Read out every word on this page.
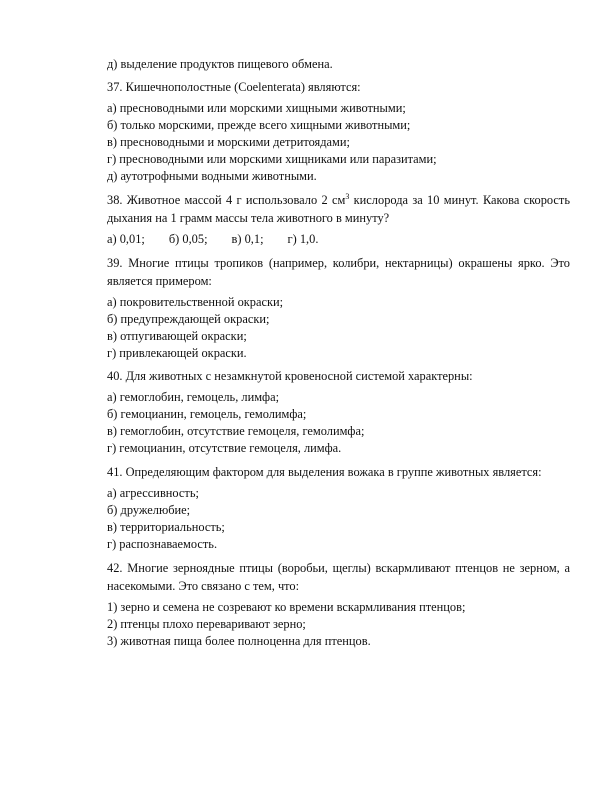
д) выделение продуктов пищевого обмена.

37. Кишечнополостные (Coelenterata) являются:

а) пресноводными или морскими хищными животными;

б) только морскими, прежде всего хищными животными;

в) пресноводными и морскими детритоядами;

г) пресноводными или морскими хищниками или паразитами;

д) аутотрофными водными животными.

38. Животное массой 4 г использовало 2 $см^3$ кислорода за 10 минут. Какова скорость дыхания на 1 грамм массы тела животного в минуту?

а) 0,01; б) 0,05; в) 0,1; г) 1,0.

39. Многие птицы тропиков (например, колибри, нектарницы) окрашены ярко. Это является примером:

а) покровительственной окраски;

б) предупреждающей окраски;

в) отпугивающей окраски;

г) привлекающей окраски.

40. Для животных с незамкнутой кровеносной системой характерны:

а) гемоглобин, гемоцель, лимфа;

б) гемоцианин, гемоцель, гемолимфа;

в) гемоглобин, отсутствие гемоцеля, гемолимфа;

г) гемоцианин, отсутствие гемоцеля, лимфа.

41. Определяющим фактором для выделения вожака в группе животных является:

а) агрессивность;

б) дружелюбие;

в) территориальность;

г) распознаваемость.

42. Многие зерноядные птицы (воробьи, щеглы) вскармливают птенцов не зерном, а насекомыми. Это связано с тем, что:

1) зерно и семена не созревают ко времени вскармливания птенцов;

2) птенцы плохо переваривают зерно;

3) животная пища более полноценна для птенцов.
